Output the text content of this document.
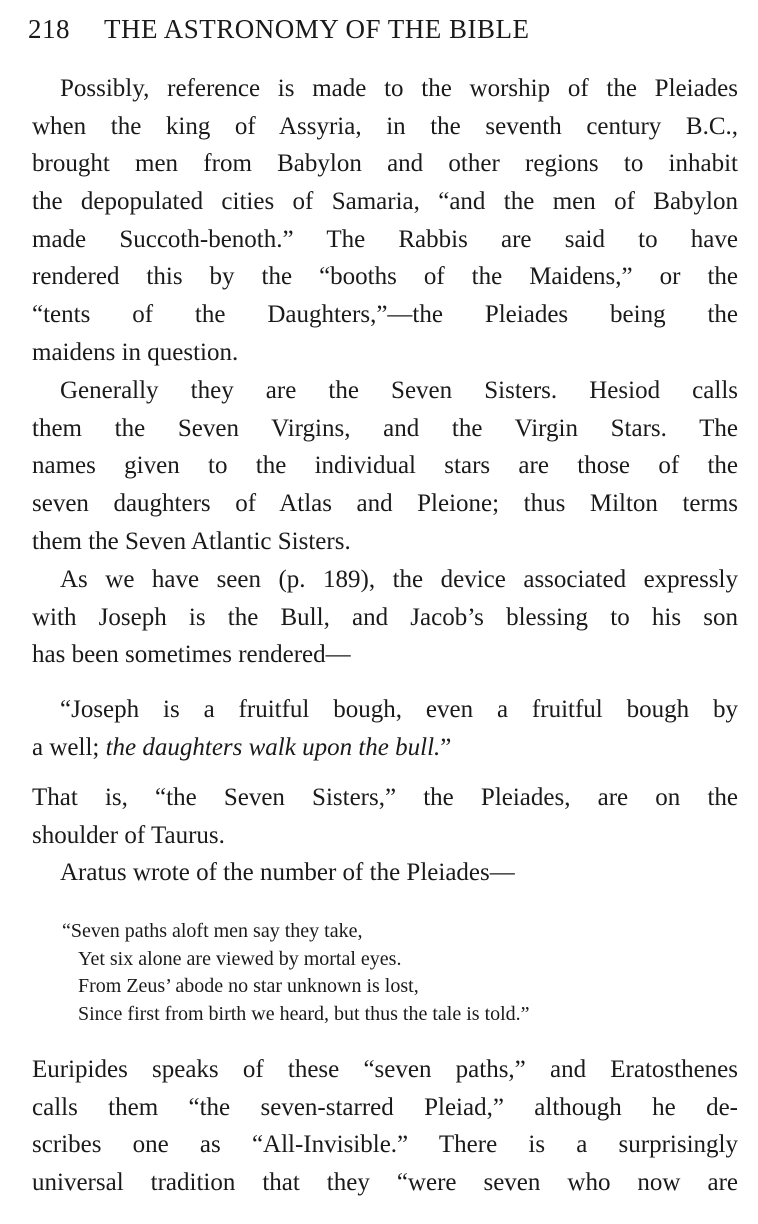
218 THE ASTRONOMY OF THE BIBLE
Possibly, reference is made to the worship of the Pleiades
when the king of Assyria, in the seventh century B.C.,
brought men from Babylon and other regions to inhabit
the depopulated cities of Samaria, “and the men of Babylon
made Succoth-benoth.” The Rabbis are said to have
rendered this by the “booths of the Maidens,” or the
“tents of the Daughters,”—the Pleiades being the
maidens in question.
Generally they are the Seven Sisters. Hesiod calls
them the Seven Virgins, and the Virgin Stars. The
names given to the individual stars are those of the
seven daughters of Atlas and Pleione; thus Milton terms
them the Seven Atlantic Sisters.
As we have seen (p. 189), the device associated expressly
with Joseph is the Bull, and Jacob’s blessing to his son
has been sometimes rendered—
“Joseph is a fruitful bough, even a fruitful bough by
a well; the daughters walk upon the bull.”
That is, “the Seven Sisters,” the Pleiades, are on the
shoulder of Taurus.
Aratus wrote of the number of the Pleiades—
“Seven paths aloft men say they take,
Yet six alone are viewed by mortal eyes.
From Zeus’ abode no star unknown is lost,
Since first from birth we heard, but thus the tale is told.”
Euripides speaks of these “seven paths,” and Eratosthenes
calls them “the seven-starred Pleiad,” although he de-
scribes one as “All-Invisible.” There is a surprisingly
universal tradition that they “were seven who now are
